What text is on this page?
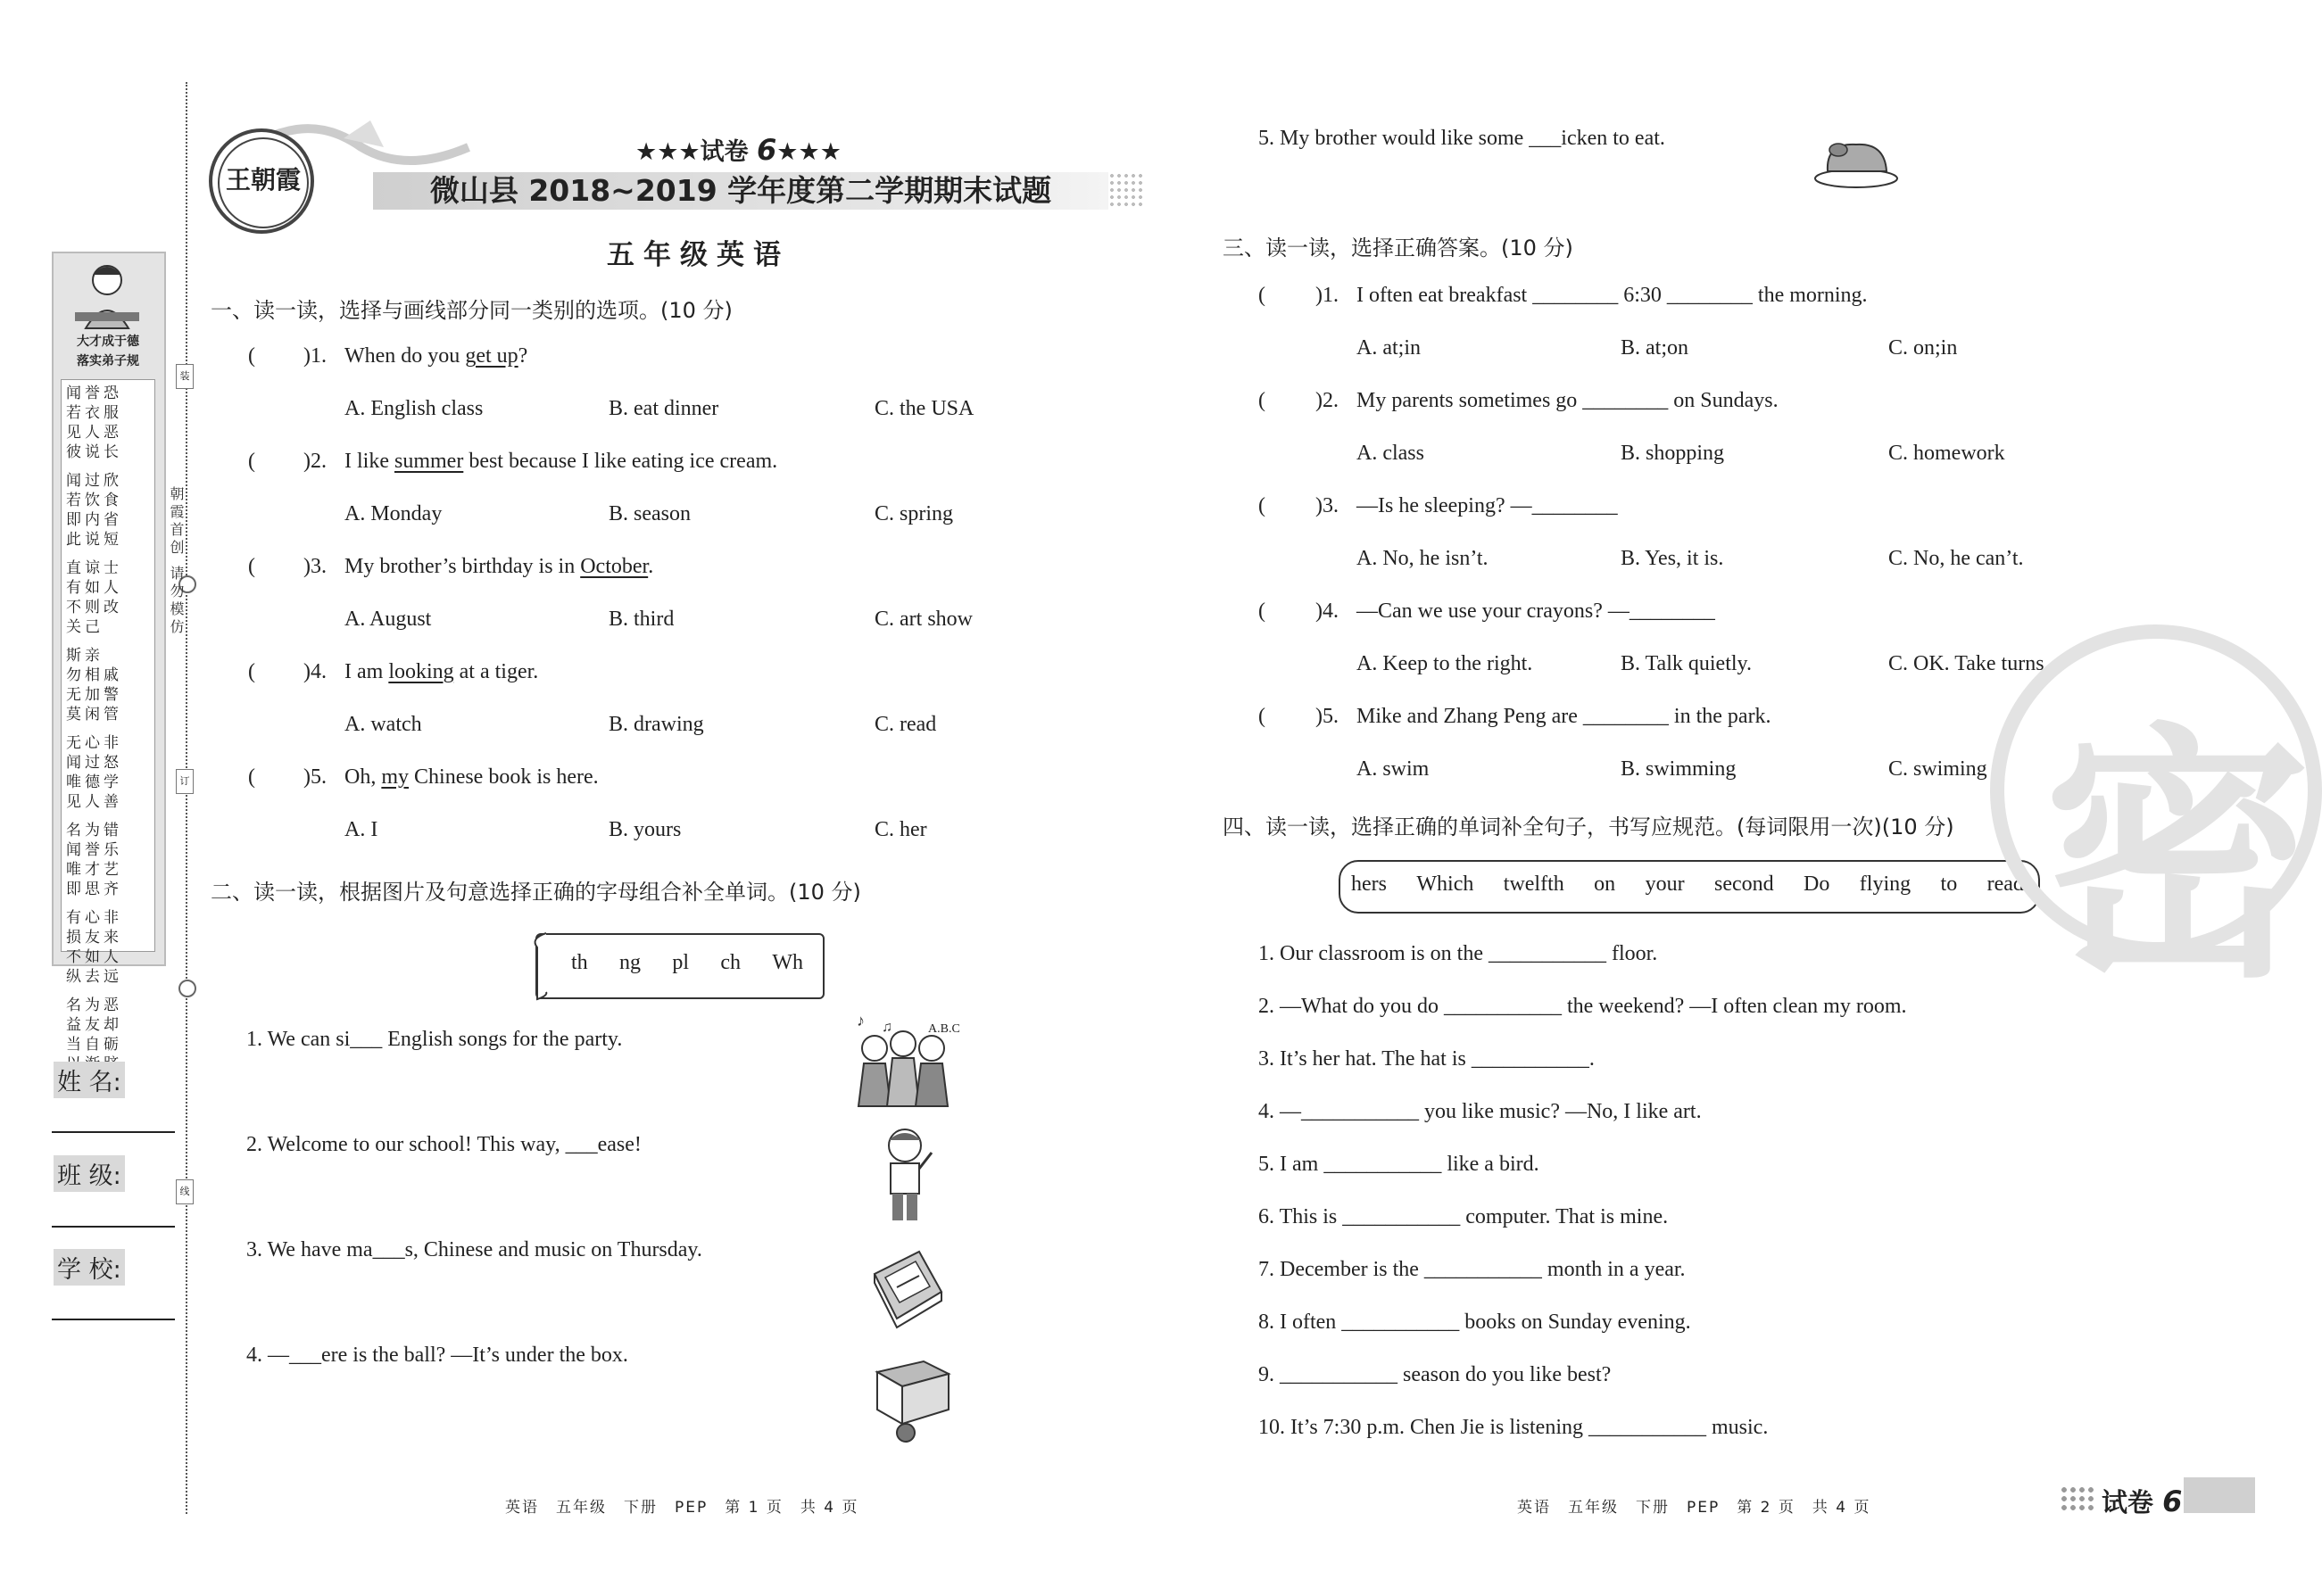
装
订
线
朝霞首创 请勿模仿
大才成于德
落实弟子规
闻誉恐
若衣服
见人恶
彼说长
闻过欣
若饮食
即内省
此说短
直谅士
有如人
不则改
关己
斯亲
勿相戚
无加警
莫闲管
无心非
闻过怒
唯德学
见人善
名为错
闻誉乐
唯才艺
即思齐
有心非
损友来
不如人
纵去远
名为恶
益友却
当自砺
姓 名:
班 级:
学 校:
王朝霞
★★★试卷 6★★★
微山县 2018~2019 学年度第二学期期末试题
五年级英语
一、读一读，选择与画线部分同一类别的选项。(10 分)
( )1. When do you get up?
A. English class	B. eat dinner	C. the USA
( )2. I like summer best because I like eating ice cream.
A. Monday	B. season	C. spring
( )3. My brother’s birthday is in October.
A. August	B. third	C. art show
( )4. I am looking at a tiger.
A. watch	B. drawing	C. read
( )5. Oh, my Chinese book is here.
A. I	B. yours	C. her
二、读一读，根据图片及句意选择正确的字母组合补全单词。(10 分)
th ng pl ch Wh
1. We can si___ English songs for the party.
2. Welcome to our school! This way, ___ease!
3. We have ma___s, Chinese and music on Thursday.
4. —___ere is the ball? —It’s under the box.
♪ ♫	A.B.C
5. My brother would like some ___icken to eat.
三、读一读，选择正确答案。(10 分)
( )1. I often eat breakfast ________ 6:30 ________ the morning.
A. at;in	B. at;on	C. on;in
( )2. My parents sometimes go ________ on Sundays.
A. class	B. shopping	C. homework
( )3. —Is he sleeping? —________
A. No, he isn’t.	B. Yes, it is.	C. No, he can’t.
( )4. —Can we use your crayons? —________
A. Keep to the right.	B. Talk quietly.	C. OK. Take turns.
( )5. Mike and Zhang Peng are ________ in the park.
A. swim	B. swimming	C. swiming
四、读一读，选择正确的单词补全句子，书写应规范。(每词限用一次)(10 分)
hers Which twelfth on your second Do flying to read
1. Our classroom is on the ___________ floor.
2. —What do you do ___________ the weekend? —I often clean my room.
3. It’s her hat. The hat is ___________.
4. —___________ you like music? —No, I like art.
5. I am ___________ like a bird.
6. This is ___________ computer. That is mine.
7. December is the ___________ month in a year.
8. I often ___________ books on Sunday evening.
9. ___________ season do you like best?
10. It’s 7:30 p.m. Chen Jie is listening ___________ music.
密
英语　五年级　下册　PEP　第 1 页　共 4 页	英语　五年级　下册　PEP　第 2 页　共 4 页	试卷 6
